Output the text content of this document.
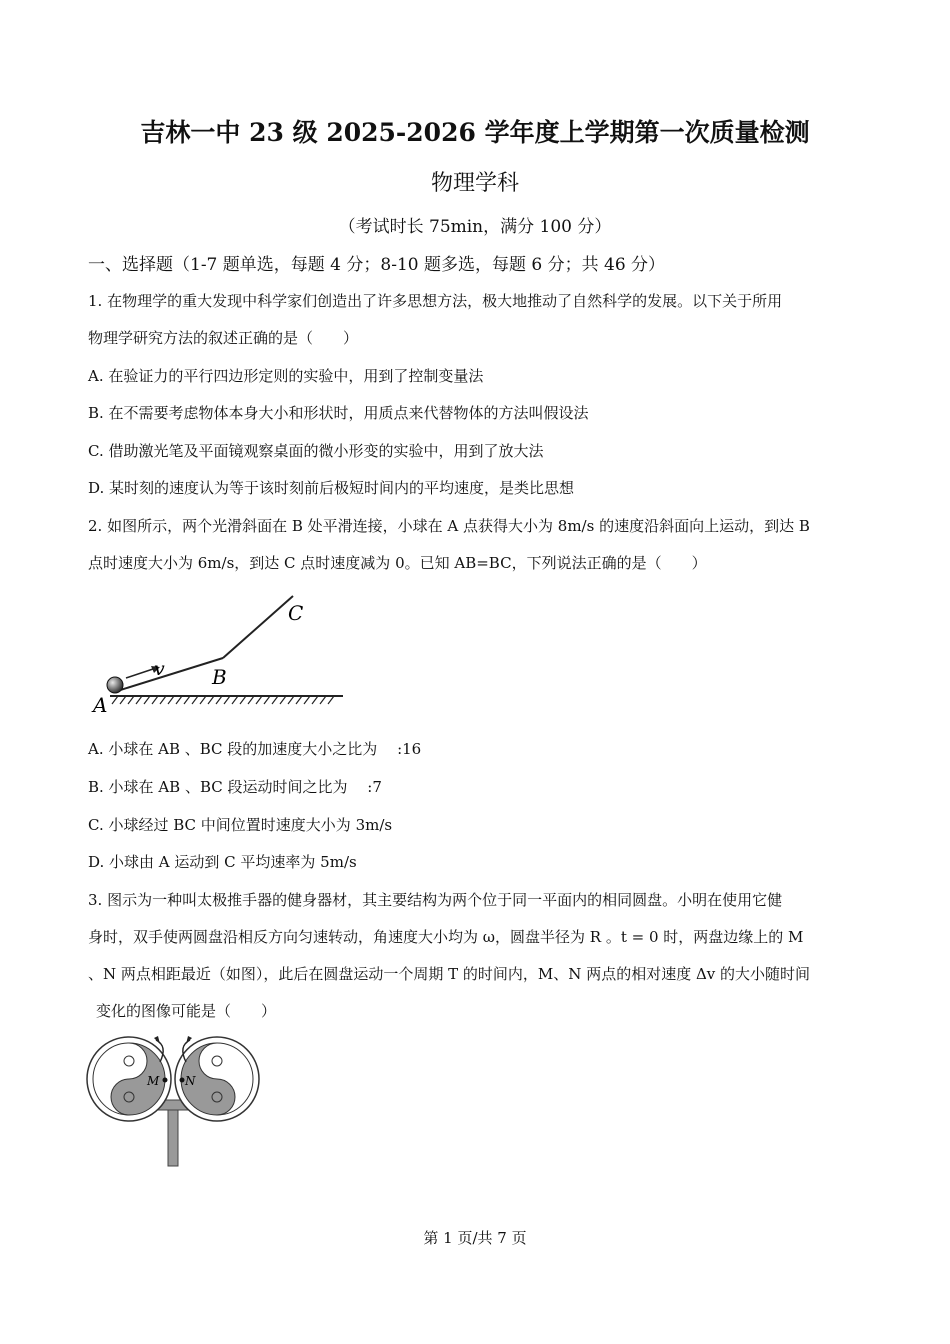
吉林一中 23 级 2025-2026 学年度上学期第一次质量检测
物理学科
（考试时长 75min，满分 100 分）
一、选择题（1-7 题单选，每题 4 分；8-10 题多选，每题 6 分；共 46 分）
1. 在物理学的重大发现中科学家们创造出了许多思想方法，极大地推动了自然科学的发展。以下关于所用
物理学研究方法的叙述正确的是（　　）
A. 在验证力的平行四边形定则的实验中，用到了控制变量法
B. 在不需要考虑物体本身大小和形状时，用质点来代替物体的方法叫假设法
C. 借助激光笔及平面镜观察桌面的微小形变的实验中，用到了放大法
D. 某时刻的速度认为等于该时刻前后极短时间内的平均速度，是类比思想
2. 如图所示，两个光滑斜面在 B 处平滑连接，小球在 A 点获得大小为 8m/s 的速度沿斜面向上运动，到达 B
点时速度大小为 6m/s，到达 C 点时速度减为 0。已知 AB=BC，下列说法正确的是（　　）
v
A
B
C
A. 小球在 AB 、BC 段的加速度大小之比为 　:16
B. 小球在 AB 、BC 段运动时间之比为 　:7
C. 小球经过 BC 中间位置时速度大小为 3m/s
D. 小球由 A 运动到 C 平均速率为 5m/s
3. 图示为一种叫太极推手器的健身器材，其主要结构为两个位于同一平面内的相同圆盘。小明在使用它健
身时，双手使两圆盘沿相反方向匀速转动，角速度大小均为 ω，圆盘半径为 R 。t = 0 时，两盘边缘上的 M
、N 两点相距最近（如图），此后在圆盘运动一个周期 T 的时间内，M、N 两点的相对速度 Δv 的大小随时间
变化的图像可能是（　　）
M N
第 1 页/共 7 页
